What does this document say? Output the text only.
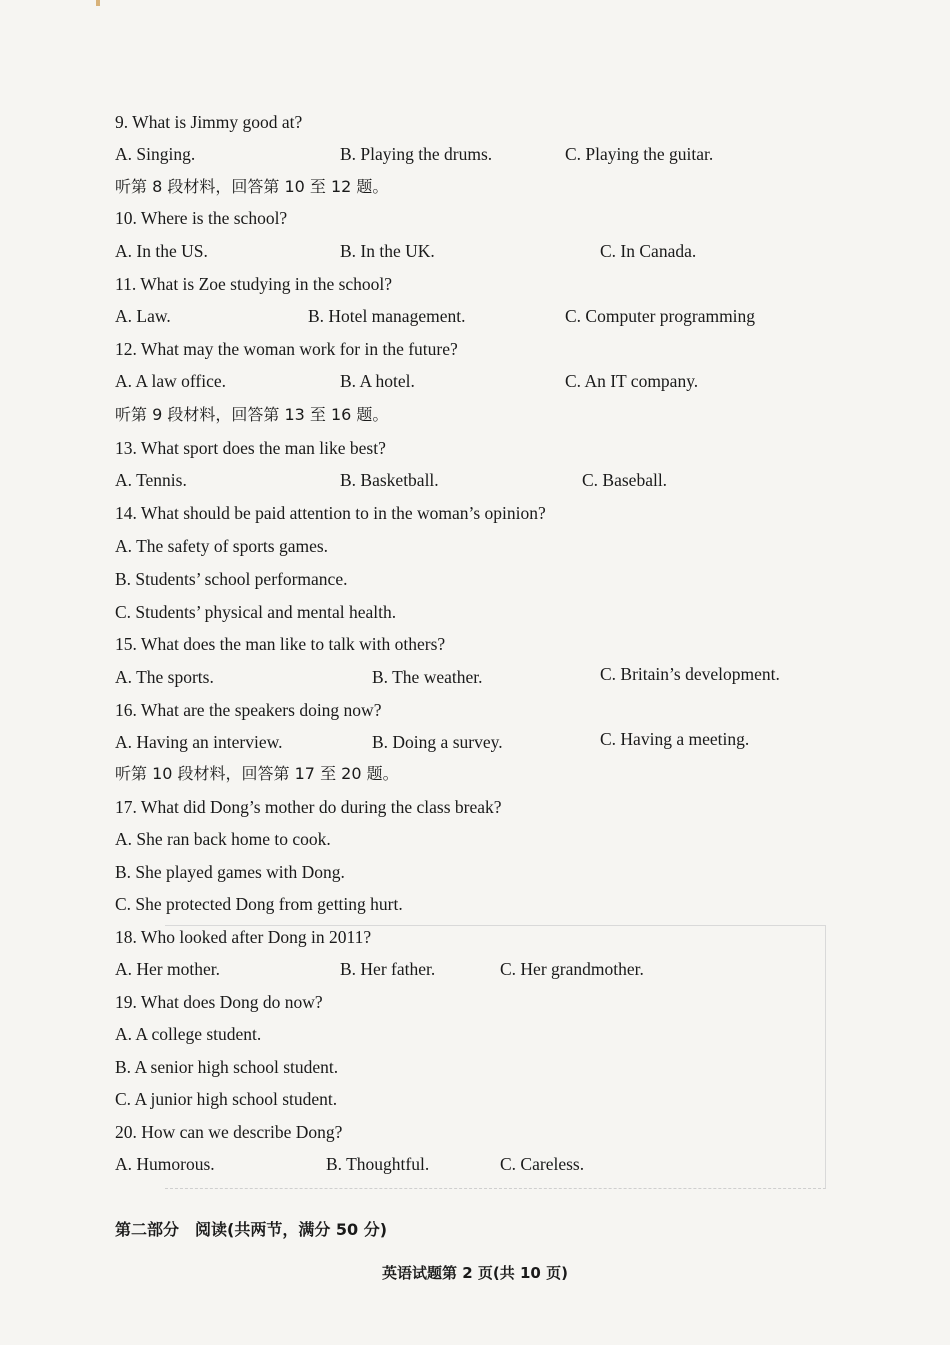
9. What is Jimmy good at?
A. Singing.	B. Playing the drums.	C. Playing the guitar.
听第 8 段材料，回答第 10 至 12 题。
10. Where is the school?
A. In the US.	B. In the UK.	C. In Canada.
11. What is Zoe studying in the school?
A. Law.	B. Hotel management.	C. Computer programming
12. What may the woman work for in the future?
A. A law office.	B. A hotel.	C. An IT company.
听第 9 段材料，回答第 13 至 16 题。
13. What sport does the man like best?
A. Tennis.	B. Basketball.	C. Baseball.
14. What should be paid attention to in the woman’s opinion?
A. The safety of sports games.
B. Students’ school performance.
C. Students’ physical and mental health.
15. What does the man like to talk with others?
A. The sports.	B. The weather.	C. Britain’s development.
16. What are the speakers doing now?
A. Having an interview.	B. Doing a survey.	C. Having a meeting.
听第 10 段材料，回答第 17 至 20 题。
17. What did Dong’s mother do during the class break?
A. She ran back home to cook.
B. She played games with Dong.
C. She protected Dong from getting hurt.
18. Who looked after Dong in 2011?
A. Her mother.	B. Her father.	C. Her grandmother.
19. What does Dong do now?
A. A college student.
B. A senior high school student.
C. A junior high school student.
20. How can we describe Dong?
A. Humorous.	B. Thoughtful.	C. Careless.
第二部分　阅读(共两节，满分 50 分)
英语试题第 2 页(共 10 页)
